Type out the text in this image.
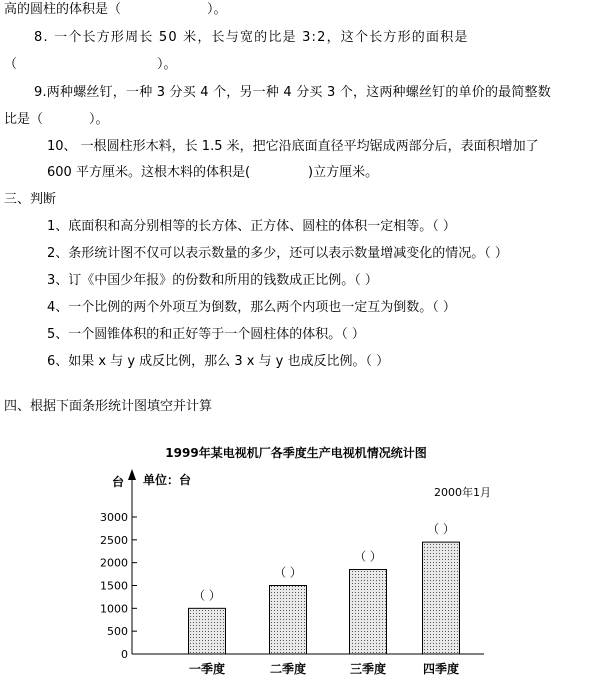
高的圆柱的体积是（	）。
8. 一个长方形周长 50 米，长与宽的比是 3:2，这个长方形的面积是
（	）。
9.两种螺丝钉，一种 3 分买 4 个，另一种 4 分买 3 个，这两种螺丝钉的单价的最简整数
比是（	）。
10、 一根圆柱形木料，长 1.5 米，把它沿底面直径平均锯成两部分后，表面积增加了
600 平方厘米。这根木料的体积是(	)立方厘米。
三、判断
1、底面积和高分别相等的长方体、正方体、圆柱的体积一定相等。（ ）
2、条形统计图不仅可以表示数量的多少，还可以表示数量增减变化的情况。（ ）
3、订《中国少年报》的份数和所用的钱数成正比例。（ ）
4、一个比例的两个外项互为倒数，那么两个内项也一定互为倒数。（ ）
5、一个圆锥体积的和正好等于一个圆柱体的体积。（ ）
6、如果 x 与 y 成反比例，那么 3 x 与 y 也成反比例。（ ）
四、根据下面条形统计图填空并计算
1999年某电视机厂各季度生产电视机情况统计图
台 单位：台
2000年1月
0
500
1000
1500
2000
2500
3000
（ ）
一季度
（ ）
二季度
（ ）
三季度
（ ）
四季度
